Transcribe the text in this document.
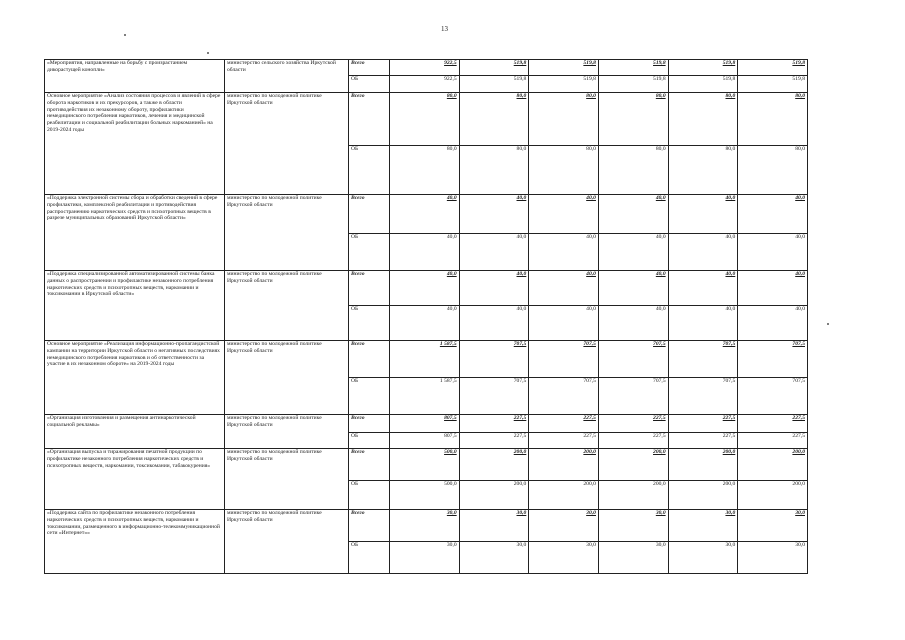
13
«Мероприятия, направленные на борьбу с произрастанием дикорастущей конопли»	министерство сельского хозяйства Иркутской области	Всего	922,5	519,8	519,8	519,8	519,8	519,8
		ОБ	922,5	519,8	519,8	519,8	519,8	519,8
Основное мероприятие «Анализ состояния процессов и явлений в сфере оборота наркотиков и их прекурсоров, а также в области противодействия их незаконному обороту, профилактики немедицинского потребления наркотиков, лечения и медицинской реабилитации и социальной реабилитации больных наркоманией» на 2019-2024 годы	министерство по молодежной политике Иркутской области	Всего	80,0	80,0	80,0	80,0	80,0	80,0
		ОБ	80,0	80,0	80,0	80,0	80,0	80,0
«Поддержка электронной системы сбора и обработки сведений в сфере профилактики, комплексной реабилитации и противодействия распространению наркотических средств и психотропных веществ в разрезе муниципальных образований Иркутской области»	министерство по молодежной политике Иркутской области	Всего	40,0	40,0	40,0	40,0	40,0	40,0
		ОБ	40,0	40,0	40,0	40,0	40,0	40,0
«Поддержка специализированной автоматизированной системы банка данных о распространении и профилактике незаконного потребления наркотических средств и психотропных веществ, наркомании и токсикомании в Иркутской области»	министерство по молодежной политике Иркутской области	Всего	40,0	40,0	40,0	40,0	40,0	40,0
		ОБ	40,0	40,0	40,0	40,0	40,0	40,0
Основное мероприятие «Реализация информационно-пропагандистской кампании на территории Иркутской области о негативных последствиях немедицинского потребления наркотиков и об ответственности за участие в их незаконном обороте» на 2019-2024 годы	министерство по молодежной политике Иркутской области	Всего	1 587,5	707,5	707,5	707,5	707,5	707,5
		ОБ	1 587,5	707,5	707,5	707,5	707,5	707,5
«Организация изготовления и размещения антинаркотической социальной рекламы»	министерство по молодежной политике Иркутской области	Всего	807,5	227,5	227,5	227,5	227,5	227,5
		ОБ	807,5	227,5	227,5	227,5	227,5	227,5
«Организация выпуска и тиражирования печатной продукции по профилактике незаконного потребления наркотических средств и психотропных веществ, наркомании, токсикомании, табакокурения»	министерство по молодежной политике Иркутской области	Всего	500,0	200,0	200,0	200,0	200,0	200,0
		ОБ	500,0	200,0	200,0	200,0	200,0	200,0
«Поддержка сайта по профилактике незаконного потребления наркотических средств и психотропных веществ, наркомании и токсикомании, размещенного в информационно-телекоммуникационной сети «Интернет»»	министерство по молодежной политике Иркутской области	Всего	30,0	30,0	30,0	30,0	30,0	30,0
		ОБ	30,0	30,0	30,0	30,0	30,0	30,0
